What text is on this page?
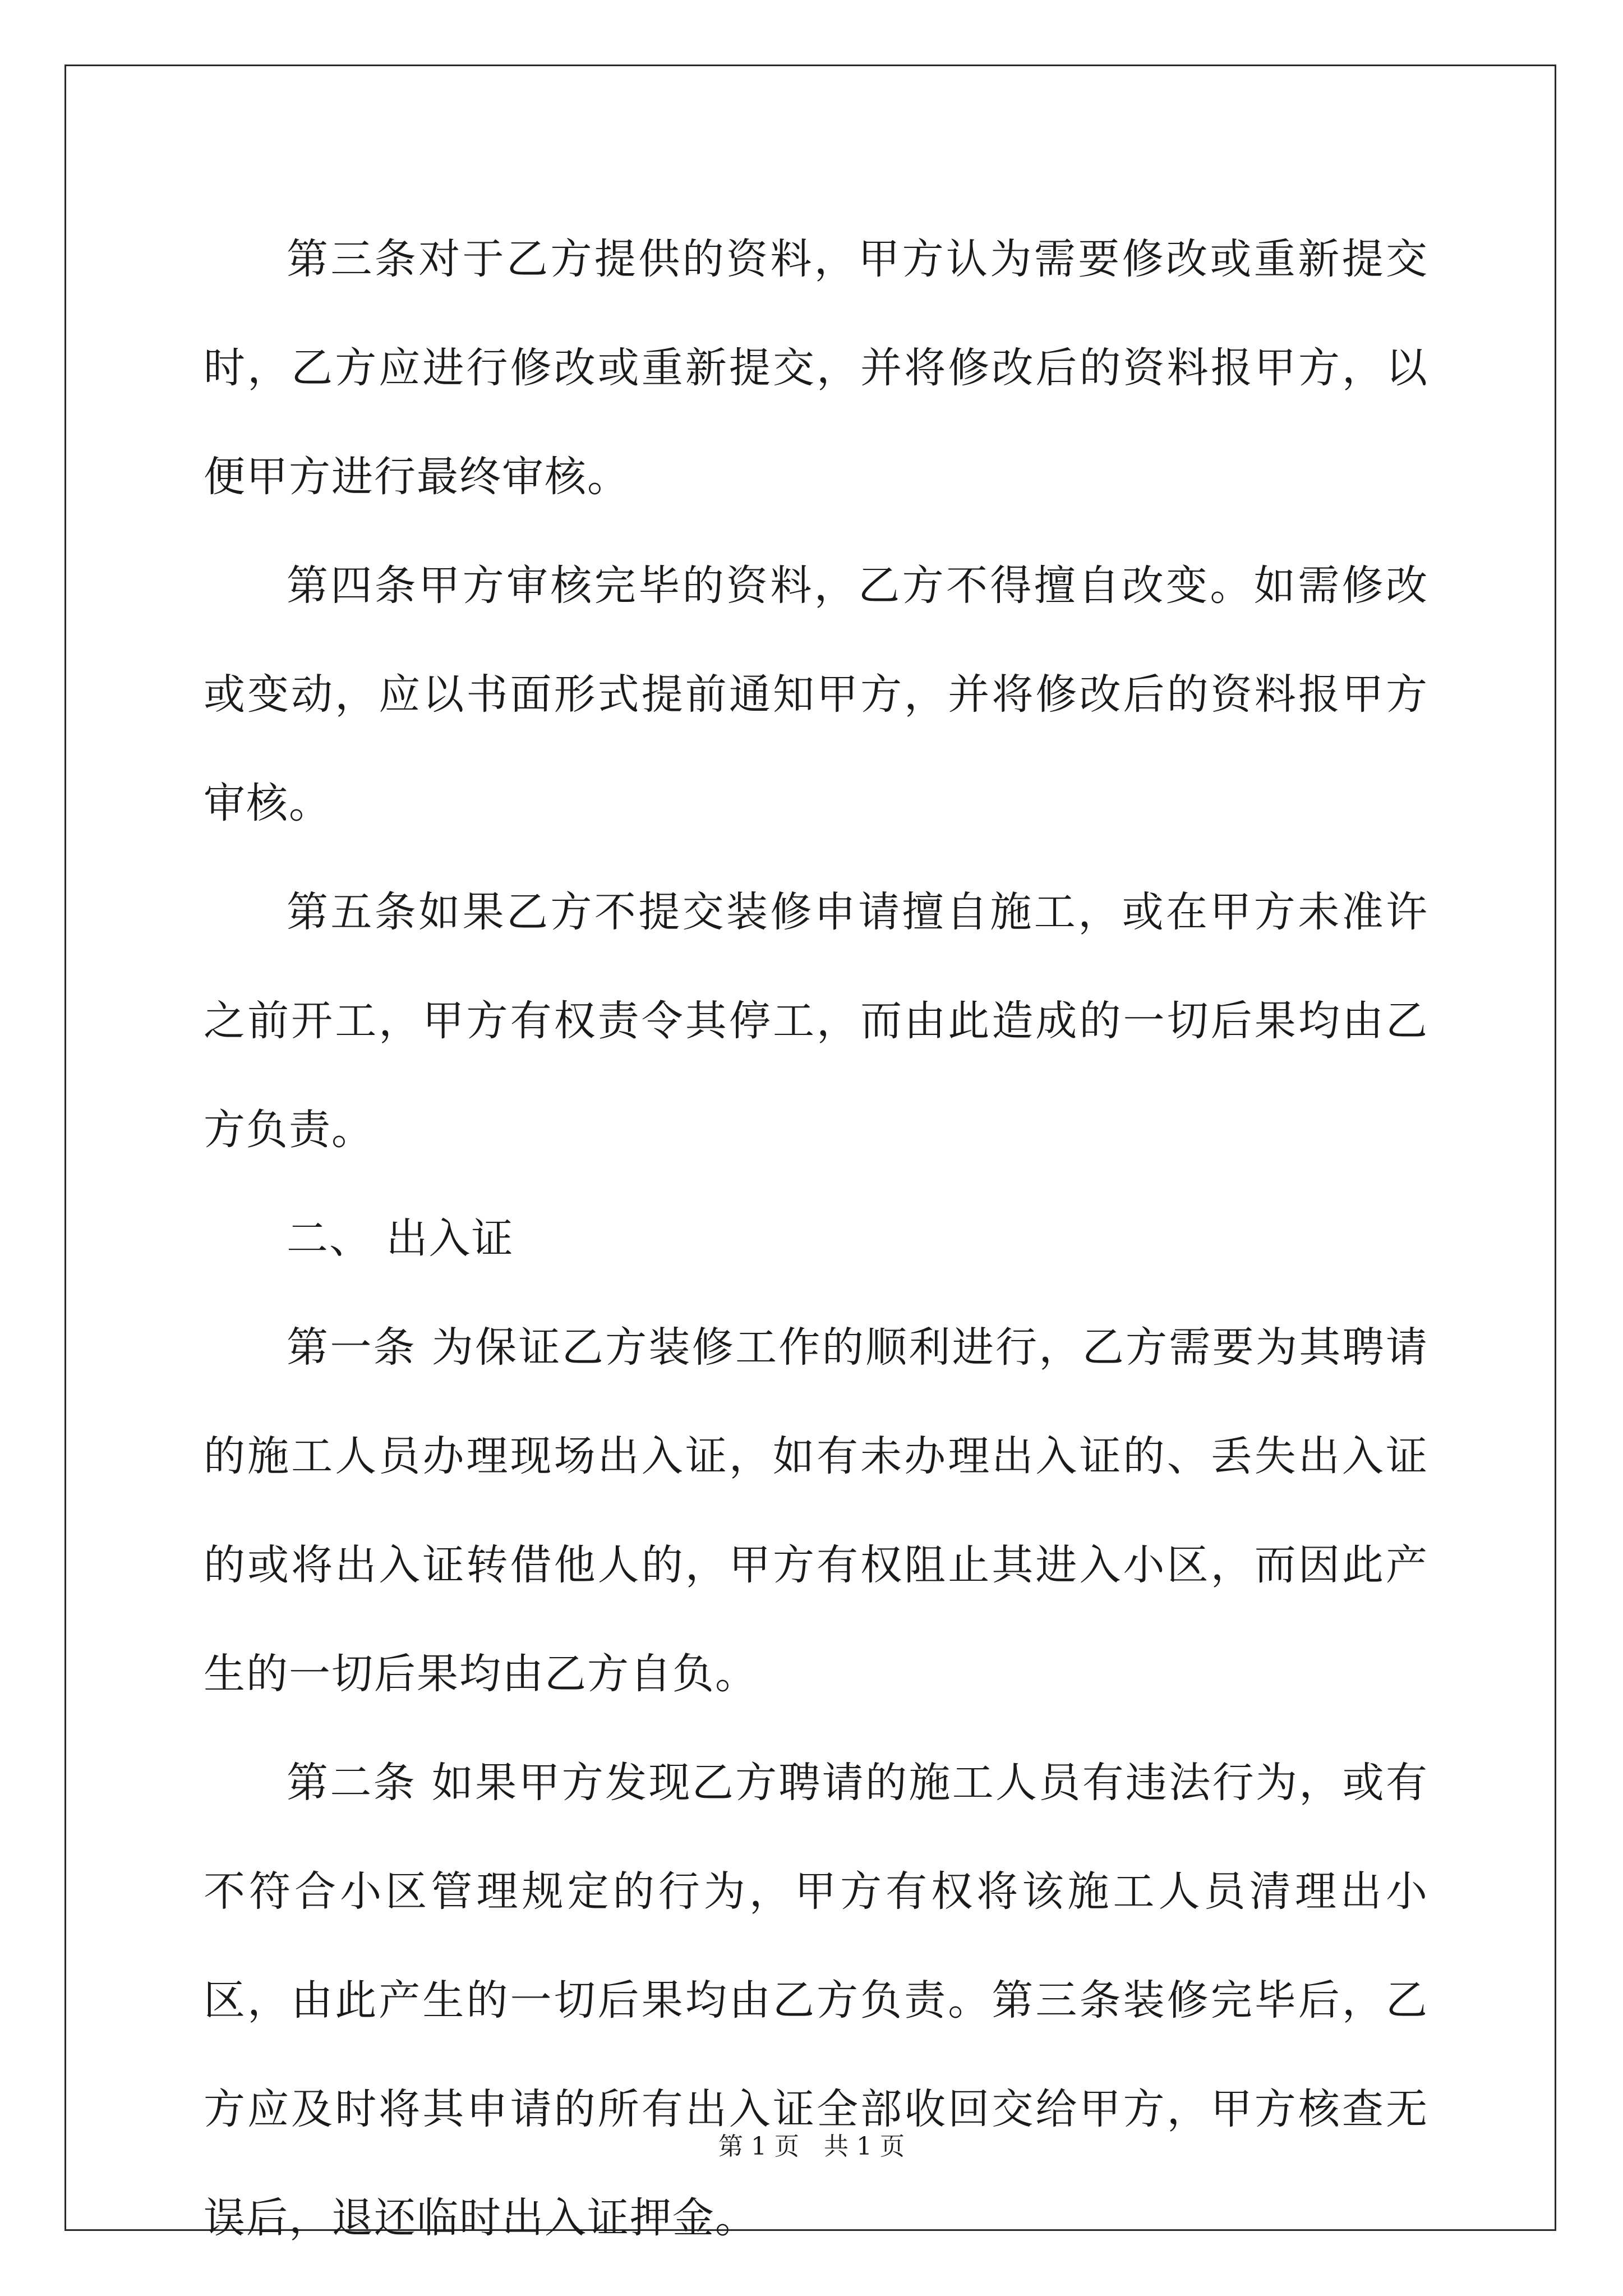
第三条对于乙方提供的资料，甲方认为需要修改或重新提交时，乙方应进行修改或重新提交，并将修改后的资料报甲方，以便甲方进行最终审核。

第四条甲方审核完毕的资料，乙方不得擅自改变。如需修改或变动，应以书面形式提前通知甲方，并将修改后的资料报甲方审核。

第五条如果乙方不提交装修申请擅自施工，或在甲方未准许之前开工，甲方有权责令其停工，而由此造成的一切后果均由乙方负责。

二、 出入证

第一条 为保证乙方装修工作的顺利进行，乙方需要为其聘请的施工人员办理现场出入证，如有未办理出入证的、丢失出入证的或将出入证转借他人的，甲方有权阻止其进入小区，而因此产生的一切后果均由乙方自负。

第二条 如果甲方发现乙方聘请的施工人员有违法行为，或有不符合小区管理规定的行为，甲方有权将该施工人员清理出小区，由此产生的一切后果均由乙方负责。第三条装修完毕后，乙方应及时将其申请的所有出入证全部收回交给甲方，甲方核查无误后，退还临时出入证押金。

第 1 页　共 1 页
